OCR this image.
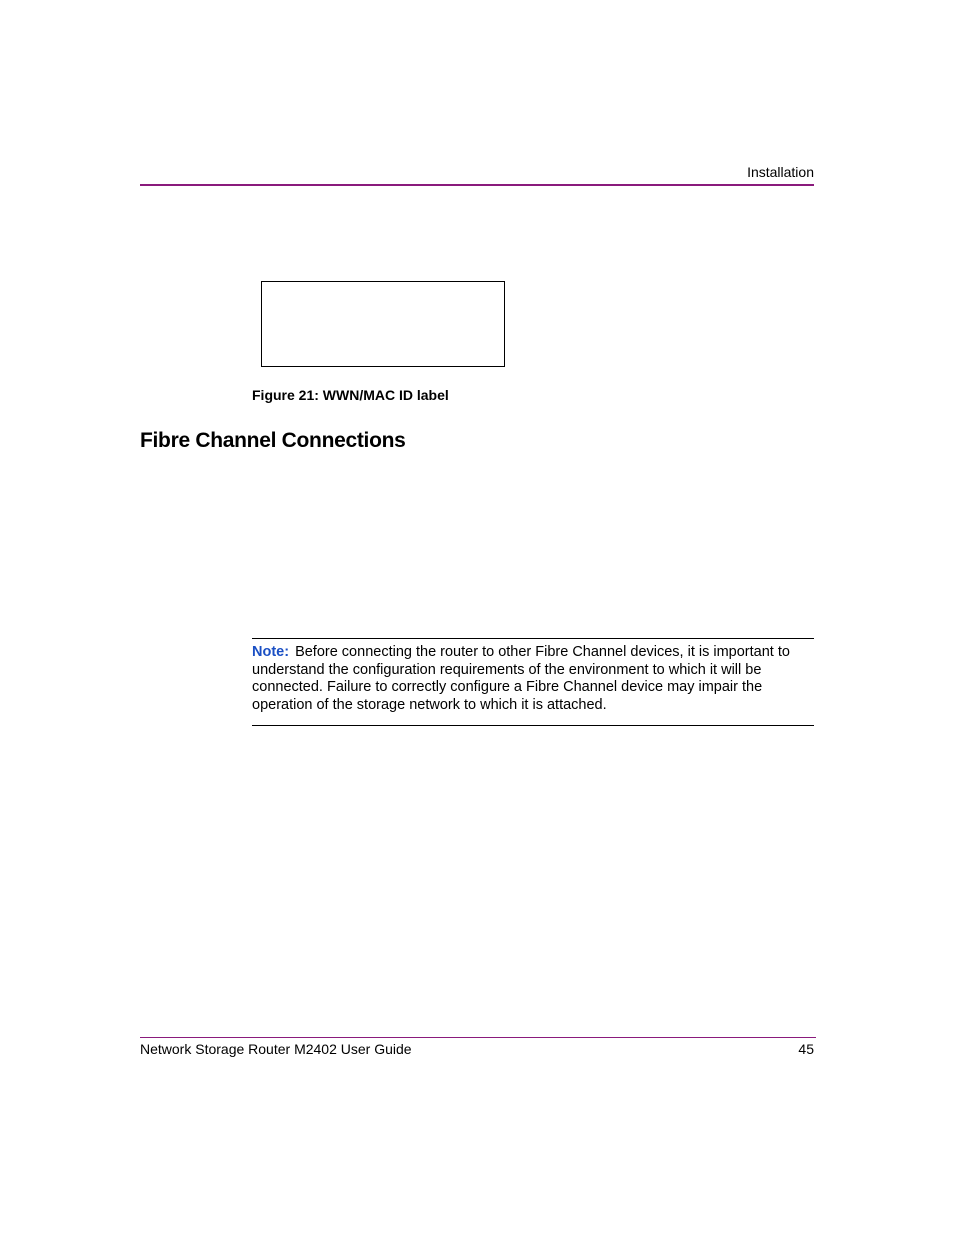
Installation
Figure 21: WWN/MAC ID label
Fibre Channel Connections
Note: Before connecting the router to other Fibre Channel devices, it is important to understand the configuration requirements of the environment to which it will be connected. Failure to correctly configure a Fibre Channel device may impair the operation of the storage network to which it is attached.
Network Storage Router M2402 User Guide	45
